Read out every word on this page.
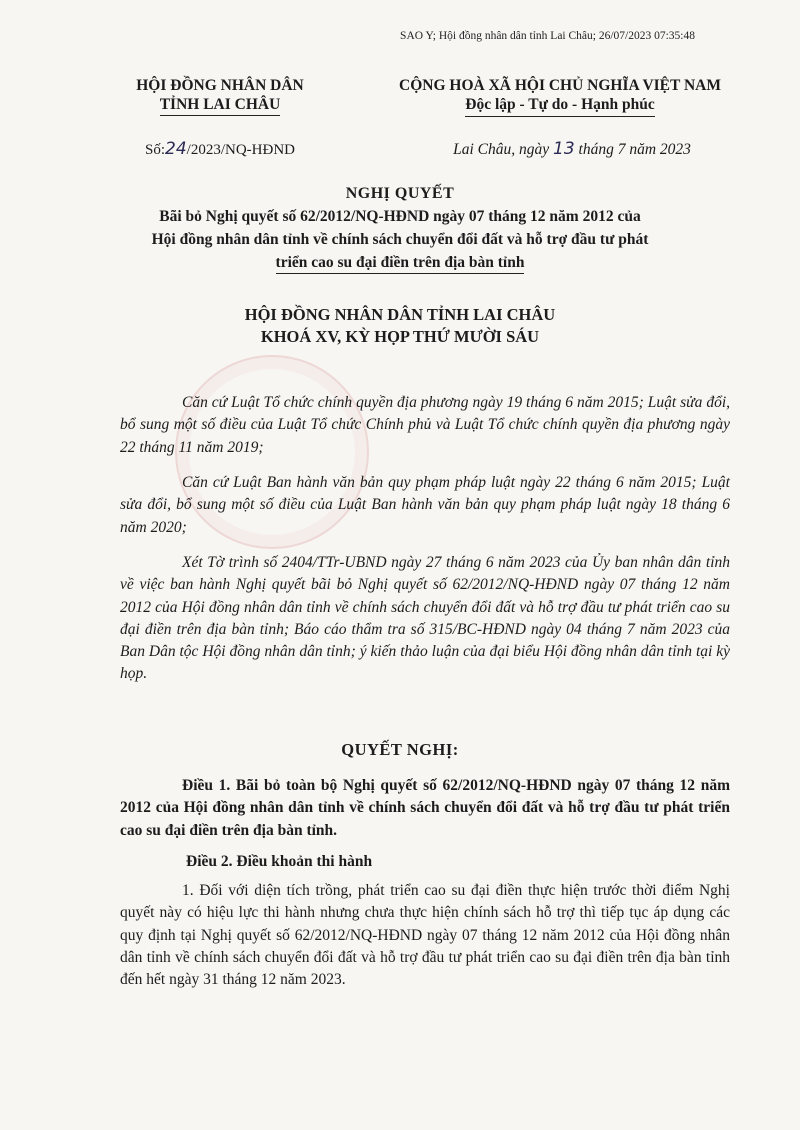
SAO Y; Hội đồng nhân dân tỉnh Lai Châu; 26/07/2023 07:35:48
HỘI ĐỒNG NHÂN DÂN
TỈNH LAI CHÂU
CỘNG HOÀ XÃ HỘI CHỦ NGHĨA VIỆT NAM
Độc lập - Tự do - Hạnh phúc
Số:24/2023/NQ-HĐND	Lai Châu, ngày 13 tháng 7 năm 2023
NGHỊ QUYẾT
Bãi bỏ Nghị quyết số 62/2012/NQ-HĐND ngày 07 tháng 12 năm 2012 của
Hội đồng nhân dân tỉnh về chính sách chuyển đổi đất và hỗ trợ đầu tư phát
triển cao su đại điền trên địa bàn tỉnh
HỘI ĐỒNG NHÂN DÂN TỈNH LAI CHÂU
KHOÁ XV, KỲ HỌP THỨ MƯỜI SÁU
Căn cứ Luật Tổ chức chính quyền địa phương ngày 19 tháng 6 năm 2015; Luật sửa đổi, bổ sung một số điều của Luật Tổ chức Chính phủ và Luật Tổ chức chính quyền địa phương ngày 22 tháng 11 năm 2019;
Căn cứ Luật Ban hành văn bản quy phạm pháp luật ngày 22 tháng 6 năm 2015; Luật sửa đổi, bổ sung một số điều của Luật Ban hành văn bản quy phạm pháp luật ngày 18 tháng 6 năm 2020;
Xét Tờ trình số 2404/TTr-UBND ngày 27 tháng 6 năm 2023 của Ủy ban nhân dân tỉnh về việc ban hành Nghị quyết bãi bỏ Nghị quyết số 62/2012/NQ-HĐND ngày 07 tháng 12 năm 2012 của Hội đồng nhân dân tỉnh về chính sách chuyển đổi đất và hỗ trợ đầu tư phát triển cao su đại điền trên địa bàn tỉnh; Báo cáo thẩm tra số 315/BC-HĐND ngày 04 tháng 7 năm 2023 của Ban Dân tộc Hội đồng nhân dân tỉnh; ý kiến thảo luận của đại biểu Hội đồng nhân dân tỉnh tại kỳ họp.
QUYẾT NGHỊ:
Điều 1. Bãi bỏ toàn bộ Nghị quyết số 62/2012/NQ-HĐND ngày 07 tháng 12 năm 2012 của Hội đồng nhân dân tỉnh về chính sách chuyển đổi đất và hỗ trợ đầu tư phát triển cao su đại điền trên địa bàn tỉnh.
Điều 2. Điều khoản thi hành
1. Đối với diện tích trồng, phát triển cao su đại điền thực hiện trước thời điểm Nghị quyết này có hiệu lực thi hành nhưng chưa thực hiện chính sách hỗ trợ thì tiếp tục áp dụng các quy định tại Nghị quyết số 62/2012/NQ-HĐND ngày 07 tháng 12 năm 2012 của Hội đồng nhân dân tỉnh về chính sách chuyển đổi đất và hỗ trợ đầu tư phát triển cao su đại điền trên địa bàn tỉnh đến hết ngày 31 tháng 12 năm 2023.
